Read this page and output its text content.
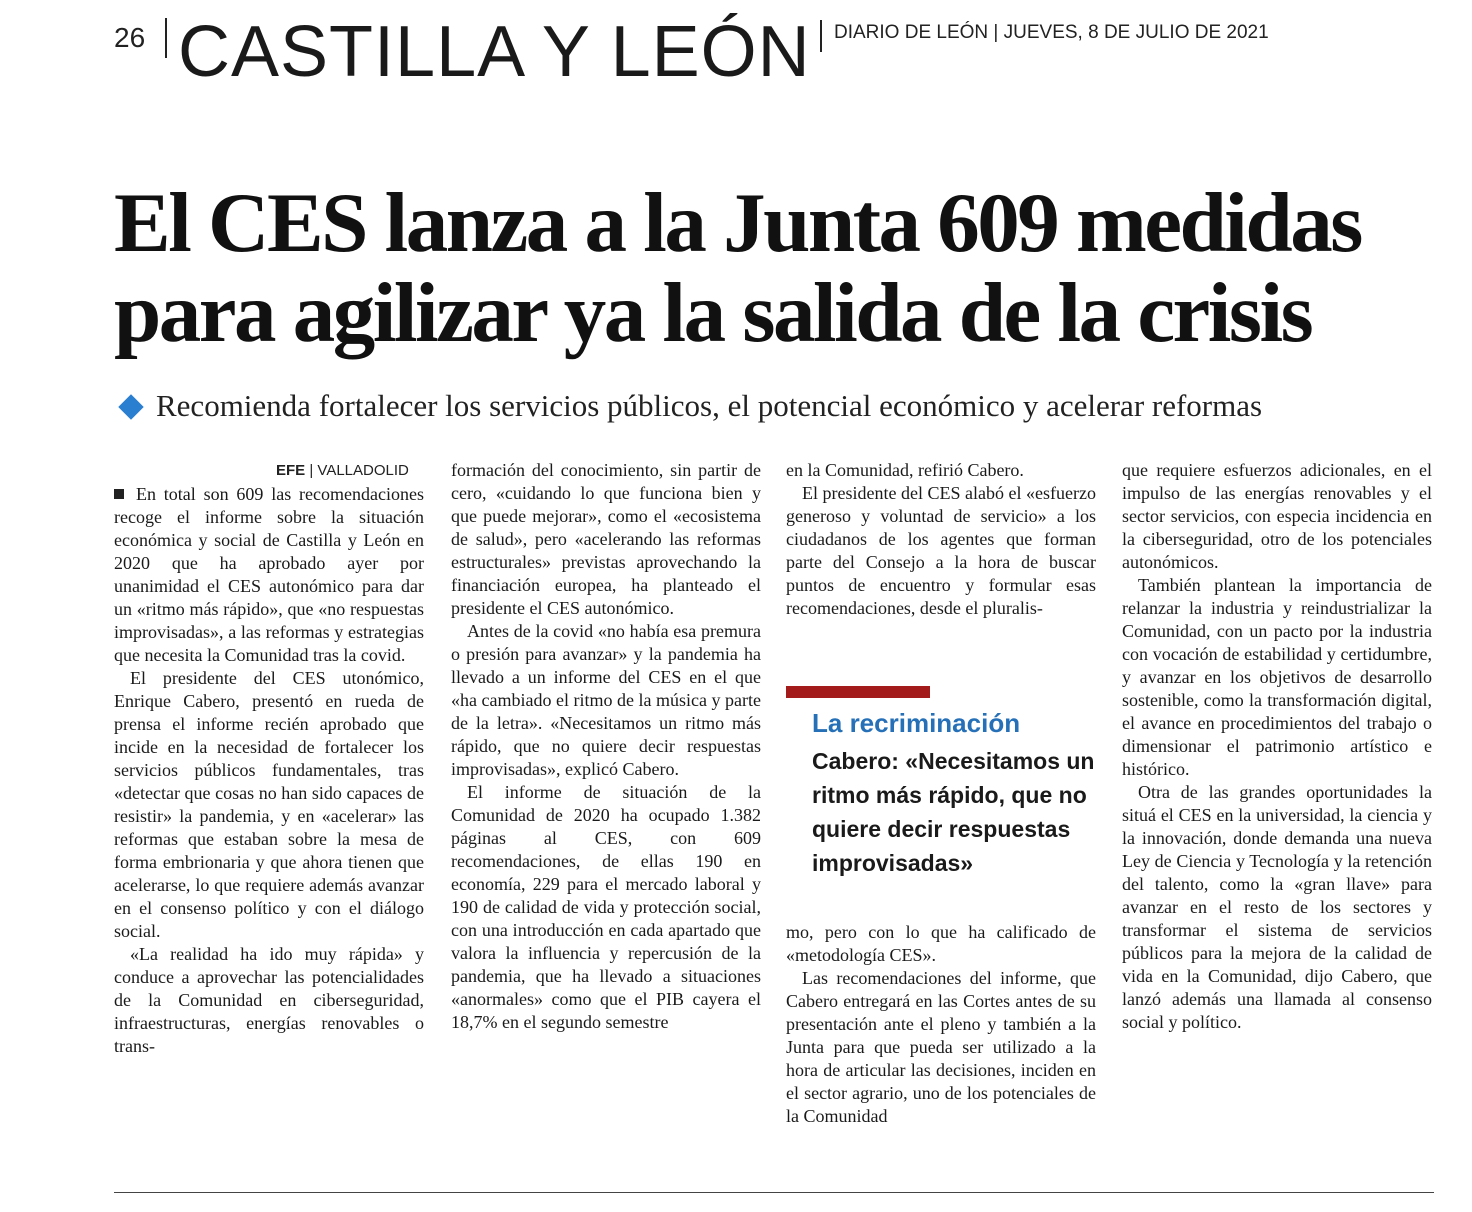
26 CASTILLA Y LEÓN DIARIO DE LEÓN | JUEVES, 8 DE JULIO DE 2021
El CES lanza a la Junta 609 medidas para agilizar ya la salida de la crisis
Recomienda fortalecer los servicios públicos, el potencial económico y acelerar reformas
EFE | VALLADOLID

En total son 609 las recomendaciones recoge el informe sobre la situación económica y social de Castilla y León en 2020 que ha aprobado ayer por unanimidad el CES autonómico para dar un «ritmo más rápido», que «no respuestas improvisadas», a las reformas y estrategias que necesita la Comunidad tras la covid.

El presidente del CES utonómico, Enrique Cabero, presentó en rueda de prensa el informe recién aprobado que incide en la necesidad de fortalecer los servicios públicos fundamentales, tras «detectar que cosas no han sido capaces de resistir» la pandemia, y en «acelerar» las reformas que estaban sobre la mesa de forma embrionaria y que ahora tienen que acelerarse, lo que requiere además avanzar en el consenso político y con el diálogo social.

«La realidad ha ido muy rápida» y conduce a aprovechar las potencialidades de la Comunidad en ciberseguridad, infraestructuras, energías renovables o trans-

formación del conocimiento, sin partir de cero, «cuidando lo que funciona bien y que puede mejorar», como el «ecosistema de salud», pero «acelerando las reformas estructurales» previstas aprovechando la financiación europea, ha planteado el presidente el CES autonómico.

Antes de la covid «no había esa premura o presión para avanzar» y la pandemia ha llevado a un informe del CES en el que «ha cambiado el ritmo de la música y parte de la letra». «Necesitamos un ritmo más rápido, que no quiere decir respuestas improvisadas», explicó Cabero.

El informe de situación de la Comunidad de 2020 ha ocupado 1.382 páginas al CES, con 609 recomendaciones, de ellas 190 en economía, 229 para el mercado laboral y 190 de calidad de vida y protección social, con una introducción en cada apartado que valora la influencia y repercusión de la pandemia, que ha llevado a situaciones «anormales» como que el PIB cayera el 18,7% en el segundo semestre

en la Comunidad, refirió Cabero.

El presidente del CES alabó el «esfuerzo generoso y voluntad de servicio» a los ciudadanos de los agentes que forman parte del Consejo a la hora de buscar puntos de encuentro y formular esas recomendaciones, desde el pluralis-

La recriminación

Cabero: «Necesitamos un ritmo más rápido, que no quiere decir respuestas improvisadas»

mo, pero con lo que ha calificado de «metodología CES».

Las recomendaciones del informe, que Cabero entregará en las Cortes antes de su presentación ante el pleno y también a la Junta para que pueda ser utilizado a la hora de articular las decisiones, inciden en el sector agrario, uno de los potenciales de la Comunidad

que requiere esfuerzos adicionales, en el impulso de las energías renovables y el sector servicios, con especia incidencia en la ciberseguridad, otro de los potenciales autonómicos.

También plantean la importancia de relanzar la industria y reindustrializar la Comunidad, con un pacto por la industria con vocación de estabilidad y certidumbre, y avanzar en los objetivos de desarrollo sostenible, como la transformación digital, el avance en procedimientos del trabajo o dimensionar el patrimonio artístico e histórico.

Otra de las grandes oportunidades la situá el CES en la universidad, la ciencia y la innovación, donde demanda una nueva Ley de Ciencia y Tecnología y la retención del talento, como la «gran llave» para avanzar en el resto de los sectores y transformar el sistema de servicios públicos para la mejora de la calidad de vida en la Comunidad, dijo Cabero, que lanzó además una llamada al consenso social y político.
